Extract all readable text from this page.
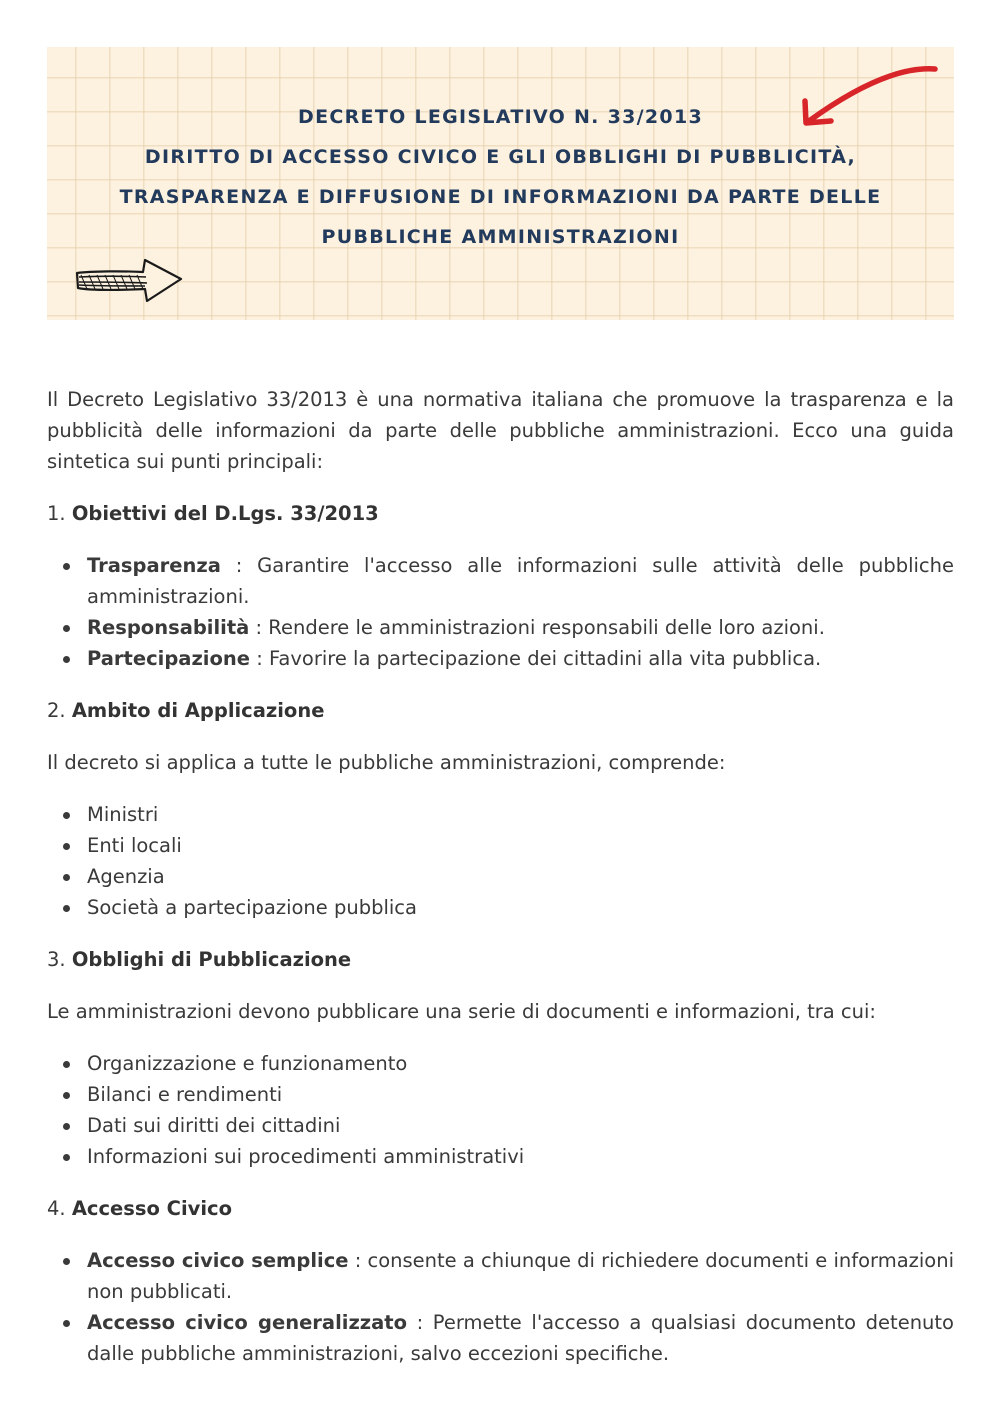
DECRETO LEGISLATIVO N. 33/2013
DIRITTO DI ACCESSO CIVICO E GLI OBBLIGHI DI PUBBLICITÀ,
TRASPARENZA E DIFFUSIONE DI INFORMAZIONI DA PARTE DELLE
PUBBLICHE AMMINISTRAZIONI

Il Decreto Legislativo 33/2013 è una normativa italiana che promuove la trasparenza e la pubblicità delle informazioni da parte delle pubbliche amministrazioni. Ecco una guida sintetica sui punti principali:

1. Obiettivi del D.Lgs. 33/2013

Trasparenza : Garantire l'accesso alle informazioni sulle attività delle pubbliche amministrazioni.
Responsabilità : Rendere le amministrazioni responsabili delle loro azioni.
Partecipazione : Favorire la partecipazione dei cittadini alla vita pubblica.

2. Ambito di Applicazione

Il decreto si applica a tutte le pubbliche amministrazioni, comprende:

Ministri
Enti locali
Agenzia
Società a partecipazione pubblica

3. Obblighi di Pubblicazione

Le amministrazioni devono pubblicare una serie di documenti e informazioni, tra cui:

Organizzazione e funzionamento
Bilanci e rendimenti
Dati sui diritti dei cittadini
Informazioni sui procedimenti amministrativi

4. Accesso Civico

Accesso civico semplice : consente a chiunque di richiedere documenti e informazioni non pubblicati.
Accesso civico generalizzato : Permette l'accesso a qualsiasi documento detenuto dalle pubbliche amministrazioni, salvo eccezioni specifiche.
